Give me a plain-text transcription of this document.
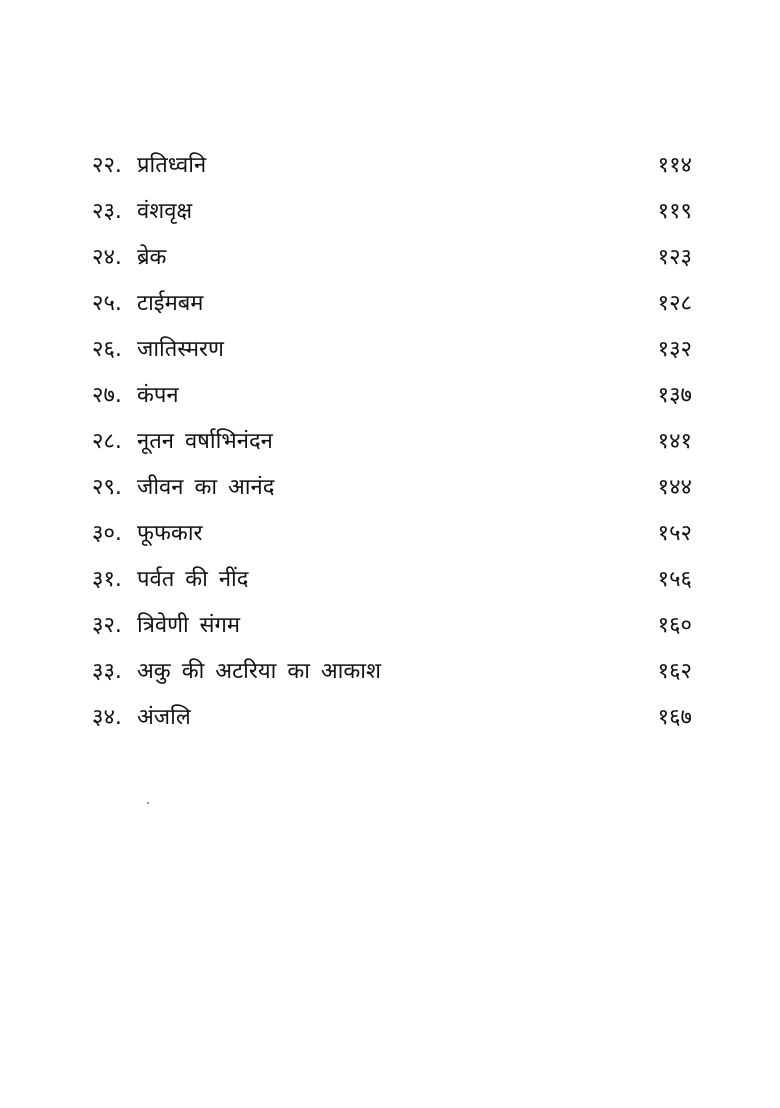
२२. प्रतिध्वनि	११४
२३. वंशवृक्ष	११९
२४. ब्रेक	१२३
२५. टाईमबम	१२८
२६. जातिस्मरण	१३२
२७. कंपन	१३७
२८. नूतन वर्षाभिनंदन	१४१
२९. जीवन का आनंद	१४४
३०. फूफकार	१५२
३१. पर्वत की नींद	१५६
३२. त्रिवेणी संगम	१६०
३३. अकु की अटरिया का आकाश	१६२
३४. अंजलि	१६७
